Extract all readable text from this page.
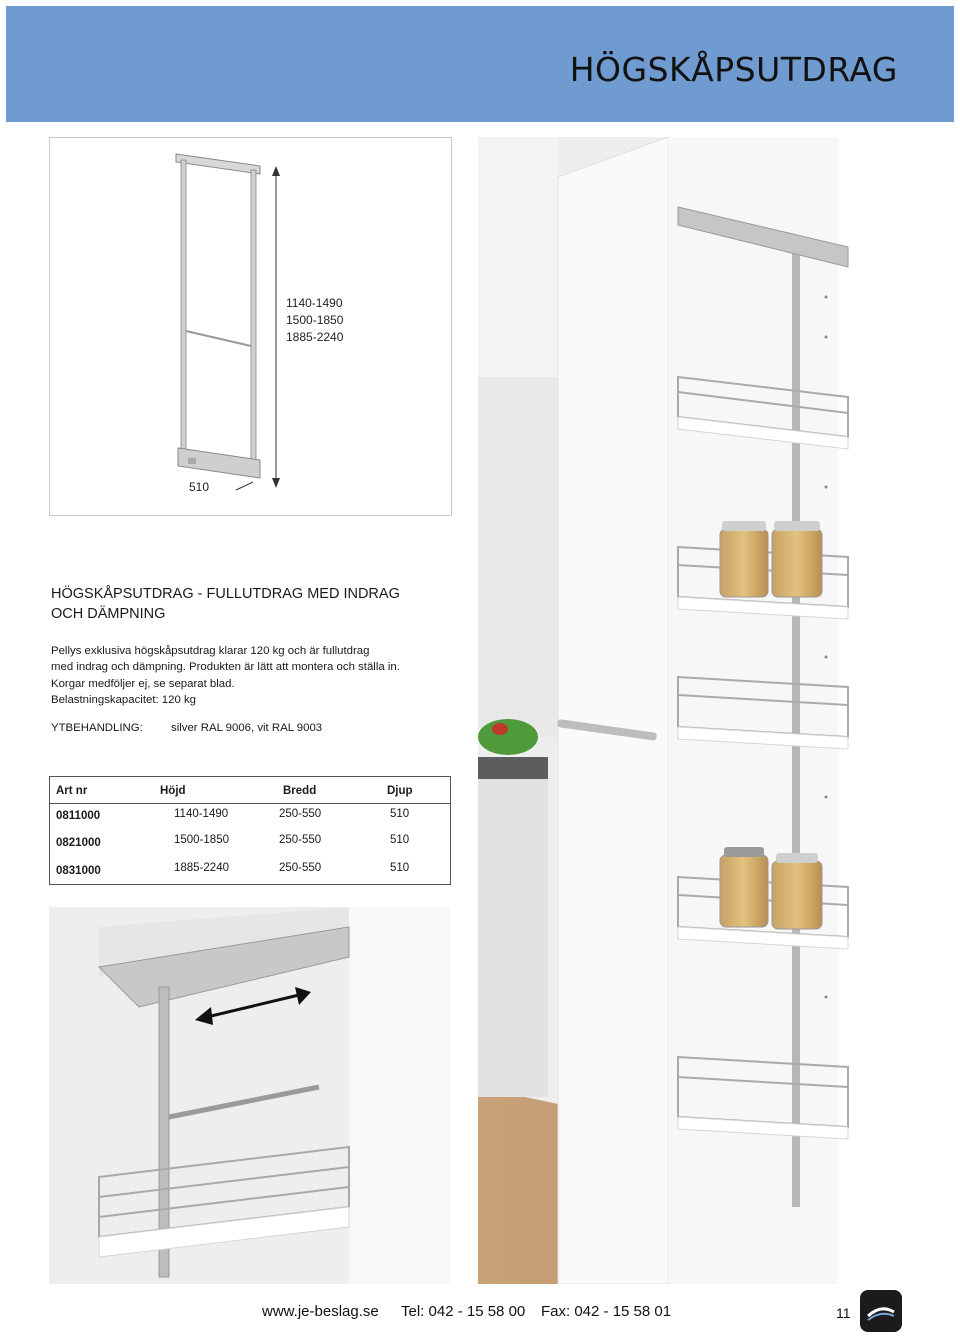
HÖGSKÅPSUTDRAG
1140-1490
1500-1850
1885-2240
510
HÖGSKÅPSUTDRAG - FULLUTDRAG MED INDRAG
OCH DÄMPNING
Pellys exklusiva högskåpsutdrag klarar 120 kg och är fullutdrag
med indrag och dämpning. Produkten är lätt att montera och ställa in.
Korgar medföljer ej, se separat blad.
Belastningskapacitet: 120 kg
YTBEHANDLING: silver RAL 9006, vit RAL 9003
Art nr	Höjd	Bredd	Djup
0811000	1140-1490	250-550	510
0821000	1500-1850	250-550	510
0831000	1885-2240	250-550	510
www.je-beslag.se Tel: 042 - 15 58 00 Fax: 042 - 15 58 01	11
